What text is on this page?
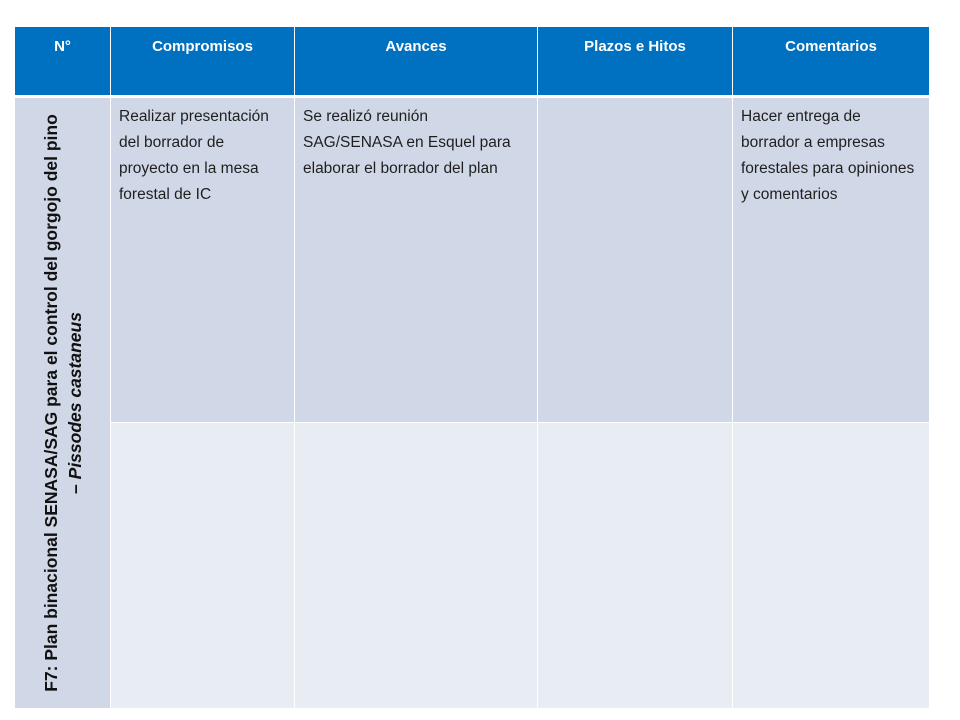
N°	Compromisos	Avances	Plazos e Hitos	Comentarios

F7: Plan binacional SENASA/SAG para el control del gorgojo del pino – Pissodes castaneus	Realizar presentación del borrador de proyecto en la mesa forestal de IC	Se realizó reunión SAG/SENASA en Esquel para elaborar el borrador del plan		Hacer entrega de borrador a empresas forestales para opiniones y comentarios
